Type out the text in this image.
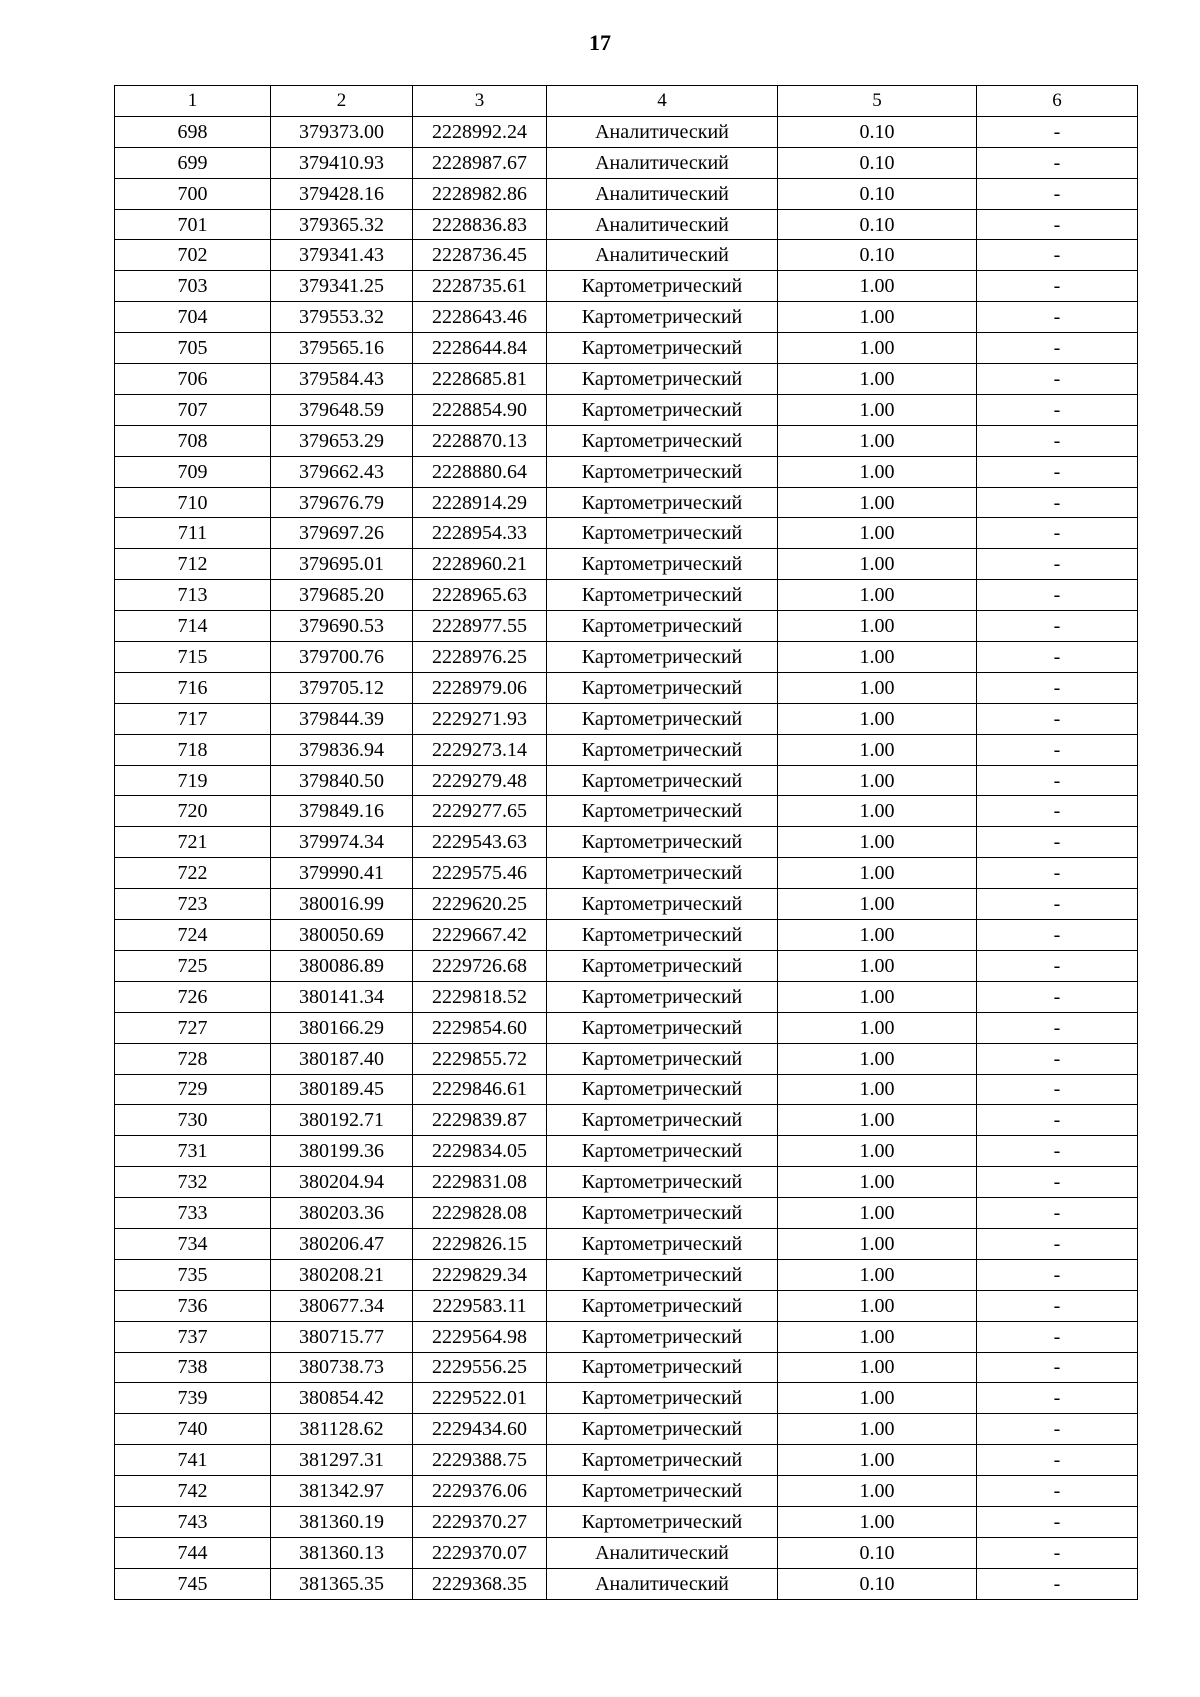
17
1	2	3	4	5	6
698	379373.00	2228992.24	Аналитический	0.10	-
699	379410.93	2228987.67	Аналитический	0.10	-
700	379428.16	2228982.86	Аналитический	0.10	-
701	379365.32	2228836.83	Аналитический	0.10	-
702	379341.43	2228736.45	Аналитический	0.10	-
703	379341.25	2228735.61	Картометрический	1.00	-
704	379553.32	2228643.46	Картометрический	1.00	-
705	379565.16	2228644.84	Картометрический	1.00	-
706	379584.43	2228685.81	Картометрический	1.00	-
707	379648.59	2228854.90	Картометрический	1.00	-
708	379653.29	2228870.13	Картометрический	1.00	-
709	379662.43	2228880.64	Картометрический	1.00	-
710	379676.79	2228914.29	Картометрический	1.00	-
711	379697.26	2228954.33	Картометрический	1.00	-
712	379695.01	2228960.21	Картометрический	1.00	-
713	379685.20	2228965.63	Картометрический	1.00	-
714	379690.53	2228977.55	Картометрический	1.00	-
715	379700.76	2228976.25	Картометрический	1.00	-
716	379705.12	2228979.06	Картометрический	1.00	-
717	379844.39	2229271.93	Картометрический	1.00	-
718	379836.94	2229273.14	Картометрический	1.00	-
719	379840.50	2229279.48	Картометрический	1.00	-
720	379849.16	2229277.65	Картометрический	1.00	-
721	379974.34	2229543.63	Картометрический	1.00	-
722	379990.41	2229575.46	Картометрический	1.00	-
723	380016.99	2229620.25	Картометрический	1.00	-
724	380050.69	2229667.42	Картометрический	1.00	-
725	380086.89	2229726.68	Картометрический	1.00	-
726	380141.34	2229818.52	Картометрический	1.00	-
727	380166.29	2229854.60	Картометрический	1.00	-
728	380187.40	2229855.72	Картометрический	1.00	-
729	380189.45	2229846.61	Картометрический	1.00	-
730	380192.71	2229839.87	Картометрический	1.00	-
731	380199.36	2229834.05	Картометрический	1.00	-
732	380204.94	2229831.08	Картометрический	1.00	-
733	380203.36	2229828.08	Картометрический	1.00	-
734	380206.47	2229826.15	Картометрический	1.00	-
735	380208.21	2229829.34	Картометрический	1.00	-
736	380677.34	2229583.11	Картометрический	1.00	-
737	380715.77	2229564.98	Картометрический	1.00	-
738	380738.73	2229556.25	Картометрический	1.00	-
739	380854.42	2229522.01	Картометрический	1.00	-
740	381128.62	2229434.60	Картометрический	1.00	-
741	381297.31	2229388.75	Картометрический	1.00	-
742	381342.97	2229376.06	Картометрический	1.00	-
743	381360.19	2229370.27	Картометрический	1.00	-
744	381360.13	2229370.07	Аналитический	0.10	-
745	381365.35	2229368.35	Аналитический	0.10	-
